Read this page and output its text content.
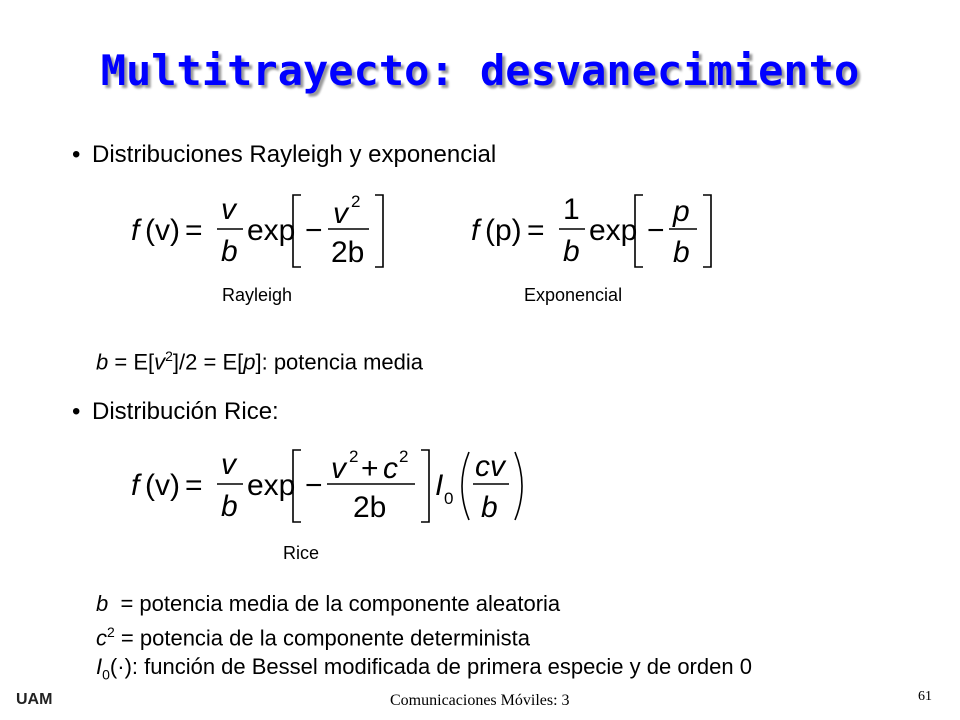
Multitrayecto: desvanecimiento
• Distribuciones Rayleigh y exponencial
f (v) =
v
b
exp −
v 2
2b
f (p) =
1
b
exp −
p
b
Rayleigh	Exponencial
$b = E[v^2]/2 = E[p]$: potencia media
• Distribución Rice:
f (v) =
v
b
exp −
v 2 + c 2
2b
I 0
cv
b
Rice
b  = potencia media de la componente aleatoria
$c^2$ = potencia de la componente determinista
$I_0(\cdot)$: función de Bessel modificada de primera especie y de orden 0
UAM	Comunicaciones Móviles: 3	61
